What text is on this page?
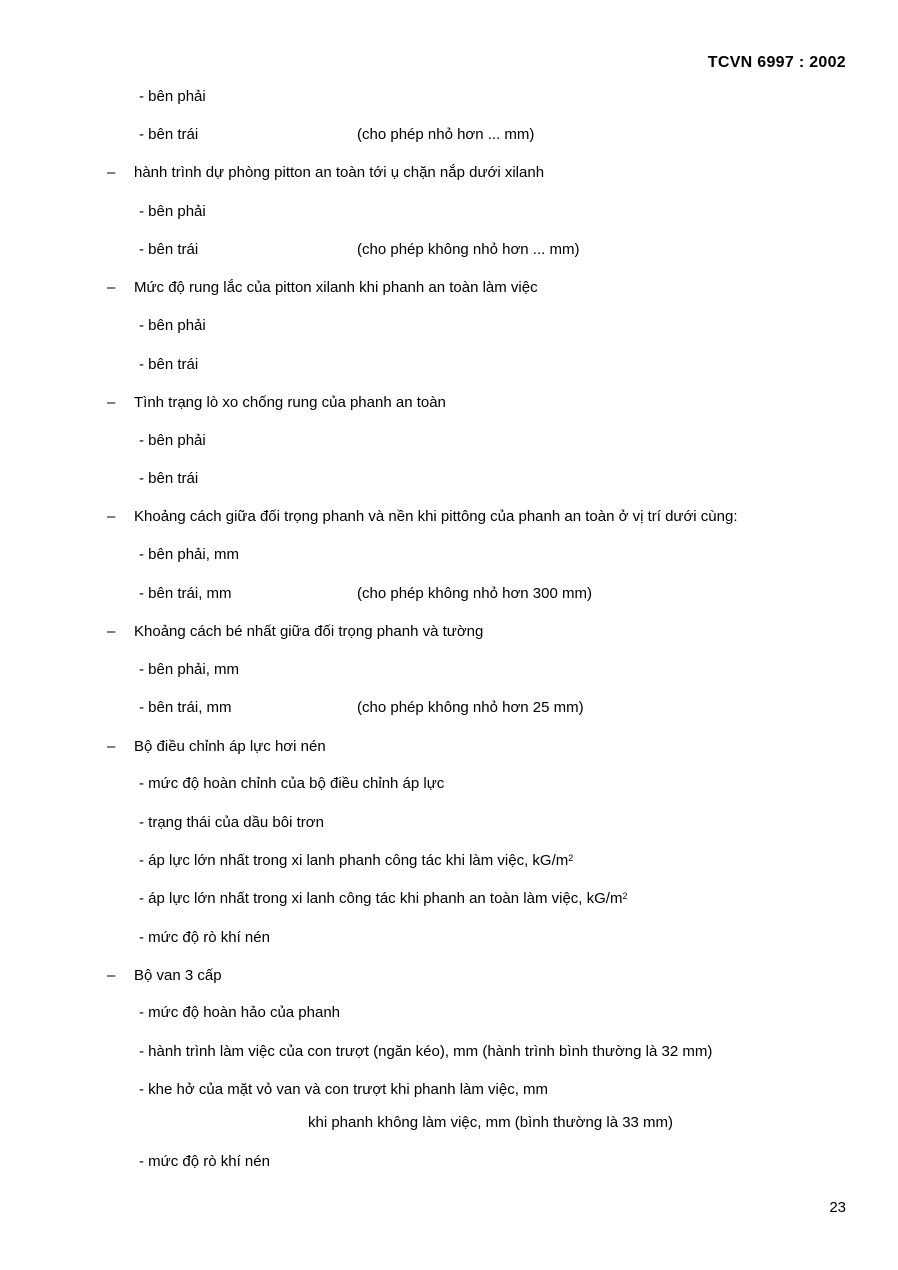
TCVN 6997 : 2002
- bên phải
- bên trái	(cho phép nhỏ hơn ... mm)
– hành trình dự phòng pitton an toàn tới ụ chặn nắp dưới xilanh
- bên phải
- bên trái	(cho phép không nhỏ hơn ... mm)
– Mức độ rung lắc của pitton xilanh khi phanh an toàn làm việc
- bên phải
- bên trái
– Tình trạng lò xo chống rung của phanh an toàn
- bên phải
- bên trái
– Khoảng cách giữa đối trọng phanh và nền khi pittông của phanh an toàn ở vị trí dưới cùng:
- bên phải, mm
- bên trái, mm	(cho phép không nhỏ hơn 300 mm)
– Khoảng cách bé nhất giữa đối trọng phanh và tường
- bên phải, mm
- bên trái, mm	(cho phép không nhỏ hơn 25 mm)
– Bộ điều chỉnh áp lực hơi nén
- mức độ hoàn chỉnh của bộ điều chỉnh áp lực
- trạng thái của dầu bôi trơn
- áp lực lớn nhất trong xi lanh phanh công tác khi làm việc, $kG/m^2$
- áp lực lớn nhất trong xi lanh công tác khi phanh an toàn làm việc, $kG/m^2$
- mức độ rò khí nén
– Bộ van 3 cấp
- mức độ hoàn hảo của phanh
- hành trình làm việc của con trượt (ngăn kéo), mm (hành trình bình thường là 32 mm)
- khe hở của mặt vỏ van và con trượt khi phanh làm việc, mm
khi phanh không làm việc, mm (bình thường là 33 mm)
- mức độ rò khí nén
23
